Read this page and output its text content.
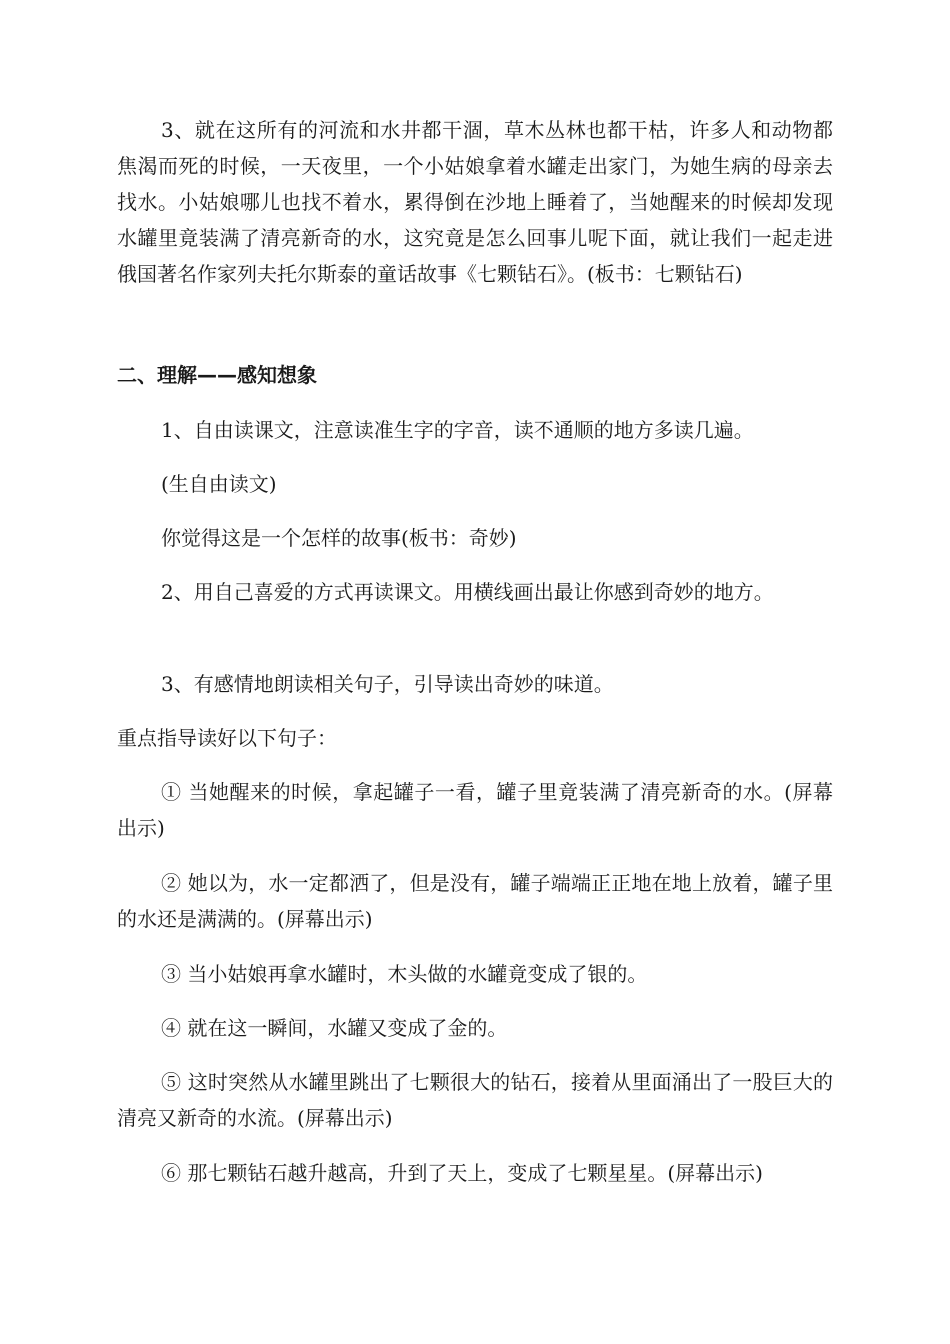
3、就在这所有的河流和水井都干涸，草木丛林也都干枯，许多人和动物都焦渴而死的时候，一天夜里，一个小姑娘拿着水罐走出家门，为她生病的母亲去找水。小姑娘哪儿也找不着水，累得倒在沙地上睡着了，当她醒来的时候却发现水罐里竟装满了清亮新奇的水，这究竟是怎么回事儿呢下面，就让我们一起走进俄国著名作家列夫托尔斯泰的童话故事《七颗钻石》。(板书：七颗钻石)

二、理解——感知想象

1、自由读课文，注意读准生字的字音，读不通顺的地方多读几遍。

(生自由读文)

你觉得这是一个怎样的故事(板书：奇妙)

2、用自己喜爱的方式再读课文。用横线画出最让你感到奇妙的地方。

3、有感情地朗读相关句子，引导读出奇妙的味道。

重点指导读好以下句子：

① 当她醒来的时候，拿起罐子一看，罐子里竟装满了清亮新奇的水。(屏幕出示)

② 她以为，水一定都洒了，但是没有，罐子端端正正地在地上放着，罐子里的水还是满满的。(屏幕出示)

③ 当小姑娘再拿水罐时，木头做的水罐竟变成了银的。

④ 就在这一瞬间，水罐又变成了金的。

⑤ 这时突然从水罐里跳出了七颗很大的钻石，接着从里面涌出了一股巨大的清亮又新奇的水流。(屏幕出示)

⑥ 那七颗钻石越升越高，升到了天上，变成了七颗星星。(屏幕出示)
